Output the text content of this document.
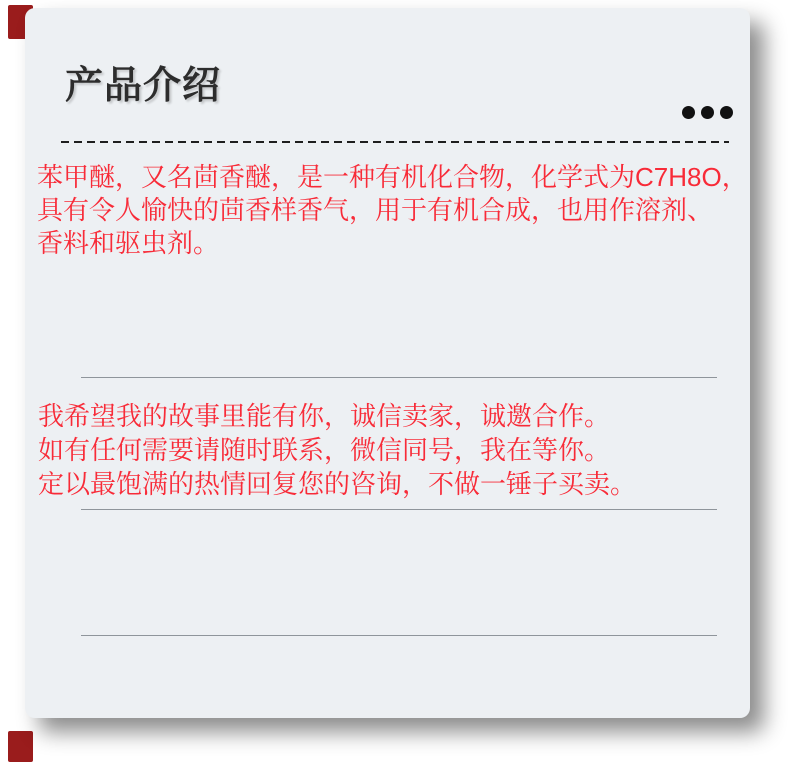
产品介绍
苯甲醚，又名茴香醚，是一种有机化合物，化学式为C7H8O，
具有令人愉快的茴香样香气，用于有机合成，也用作溶剂、
香料和驱虫剂。
我希望我的故事里能有你，诚信卖家，诚邀合作。
如有任何需要请随时联系，微信同号，我在等你。
定以最饱满的热情回复您的咨询，不做一锤子买卖。
